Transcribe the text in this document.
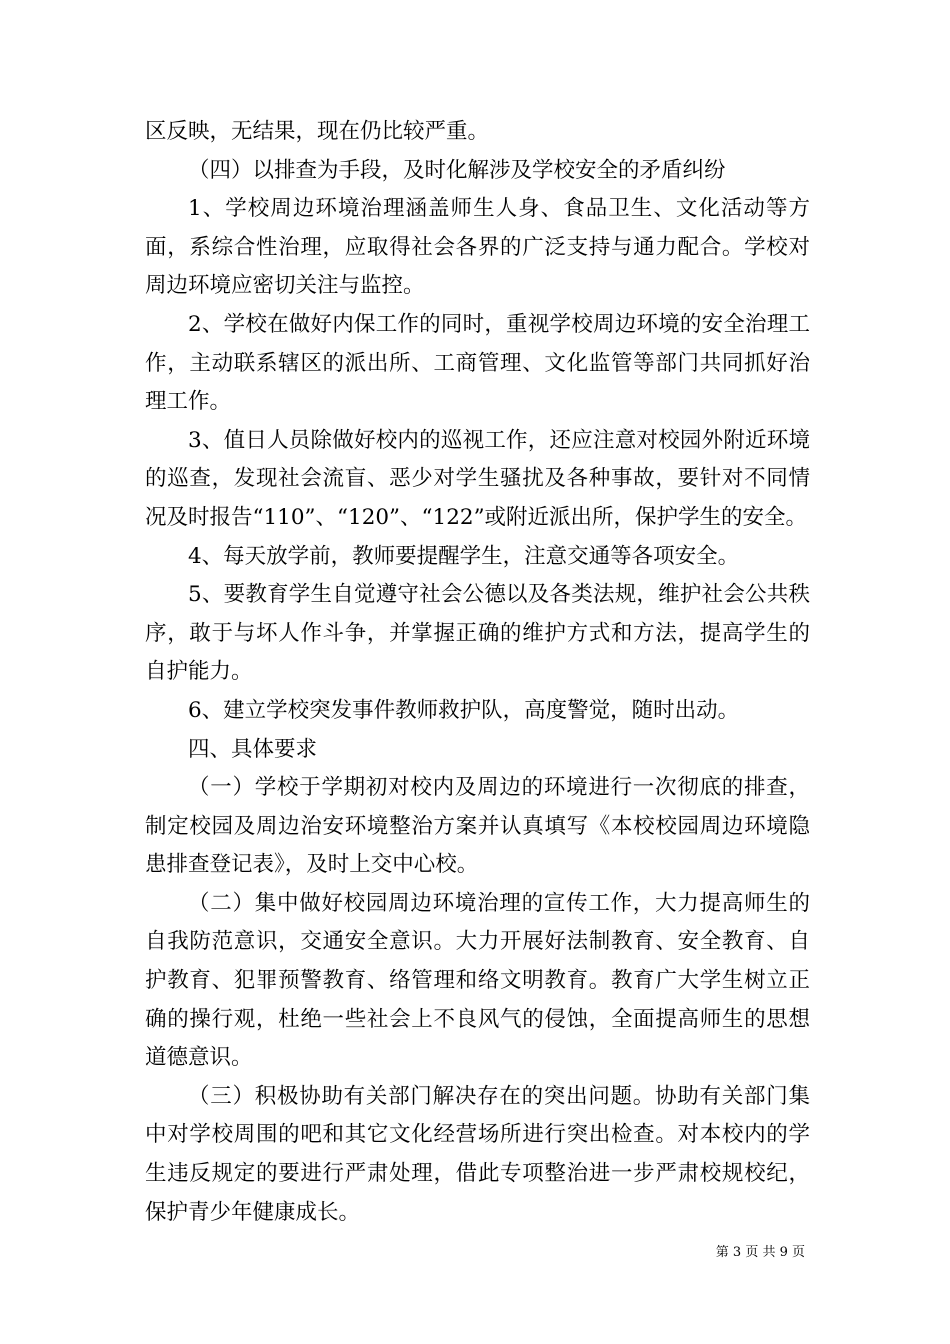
区反映，无结果，现在仍比较严重。

（四）以排查为手段，及时化解涉及学校安全的矛盾纠纷

1、学校周边环境治理涵盖师生人身、食品卫生、文化活动等方面，系综合性治理，应取得社会各界的广泛支持与通力配合。学校对周边环境应密切关注与监控。

2、学校在做好内保工作的同时，重视学校周边环境的安全治理工作，主动联系辖区的派出所、工商管理、文化监管等部门共同抓好治理工作。

3、值日人员除做好校内的巡视工作，还应注意对校园外附近环境的巡查，发现社会流盲、恶少对学生骚扰及各种事故，要针对不同情况及时报告“110”、“120”、“122”或附近派出所，保护学生的安全。

4、每天放学前，教师要提醒学生，注意交通等各项安全。

5、要教育学生自觉遵守社会公德以及各类法规，维护社会公共秩序，敢于与坏人作斗争，并掌握正确的维护方式和方法，提高学生的自护能力。

6、建立学校突发事件教师救护队，高度警觉，随时出动。

四、具体要求

（一）学校于学期初对校内及周边的环境进行一次彻底的排查，制定校园及周边治安环境整治方案并认真填写《本校校园周边环境隐患排查登记表》，及时上交中心校。

（二）集中做好校园周边环境治理的宣传工作，大力提高师生的自我防范意识，交通安全意识。大力开展好法制教育、安全教育、自护教育、犯罪预警教育、络管理和络文明教育。教育广大学生树立正确的操行观，杜绝一些社会上不良风气的侵蚀，全面提高师生的思想道德意识。

（三）积极协助有关部门解决存在的突出问题。协助有关部门集中对学校周围的吧和其它文化经营场所进行突出检查。对本校内的学生违反规定的要进行严肃处理，借此专项整治进一步严肃校规校纪，保护青少年健康成长。

第 3 页 共 9 页
